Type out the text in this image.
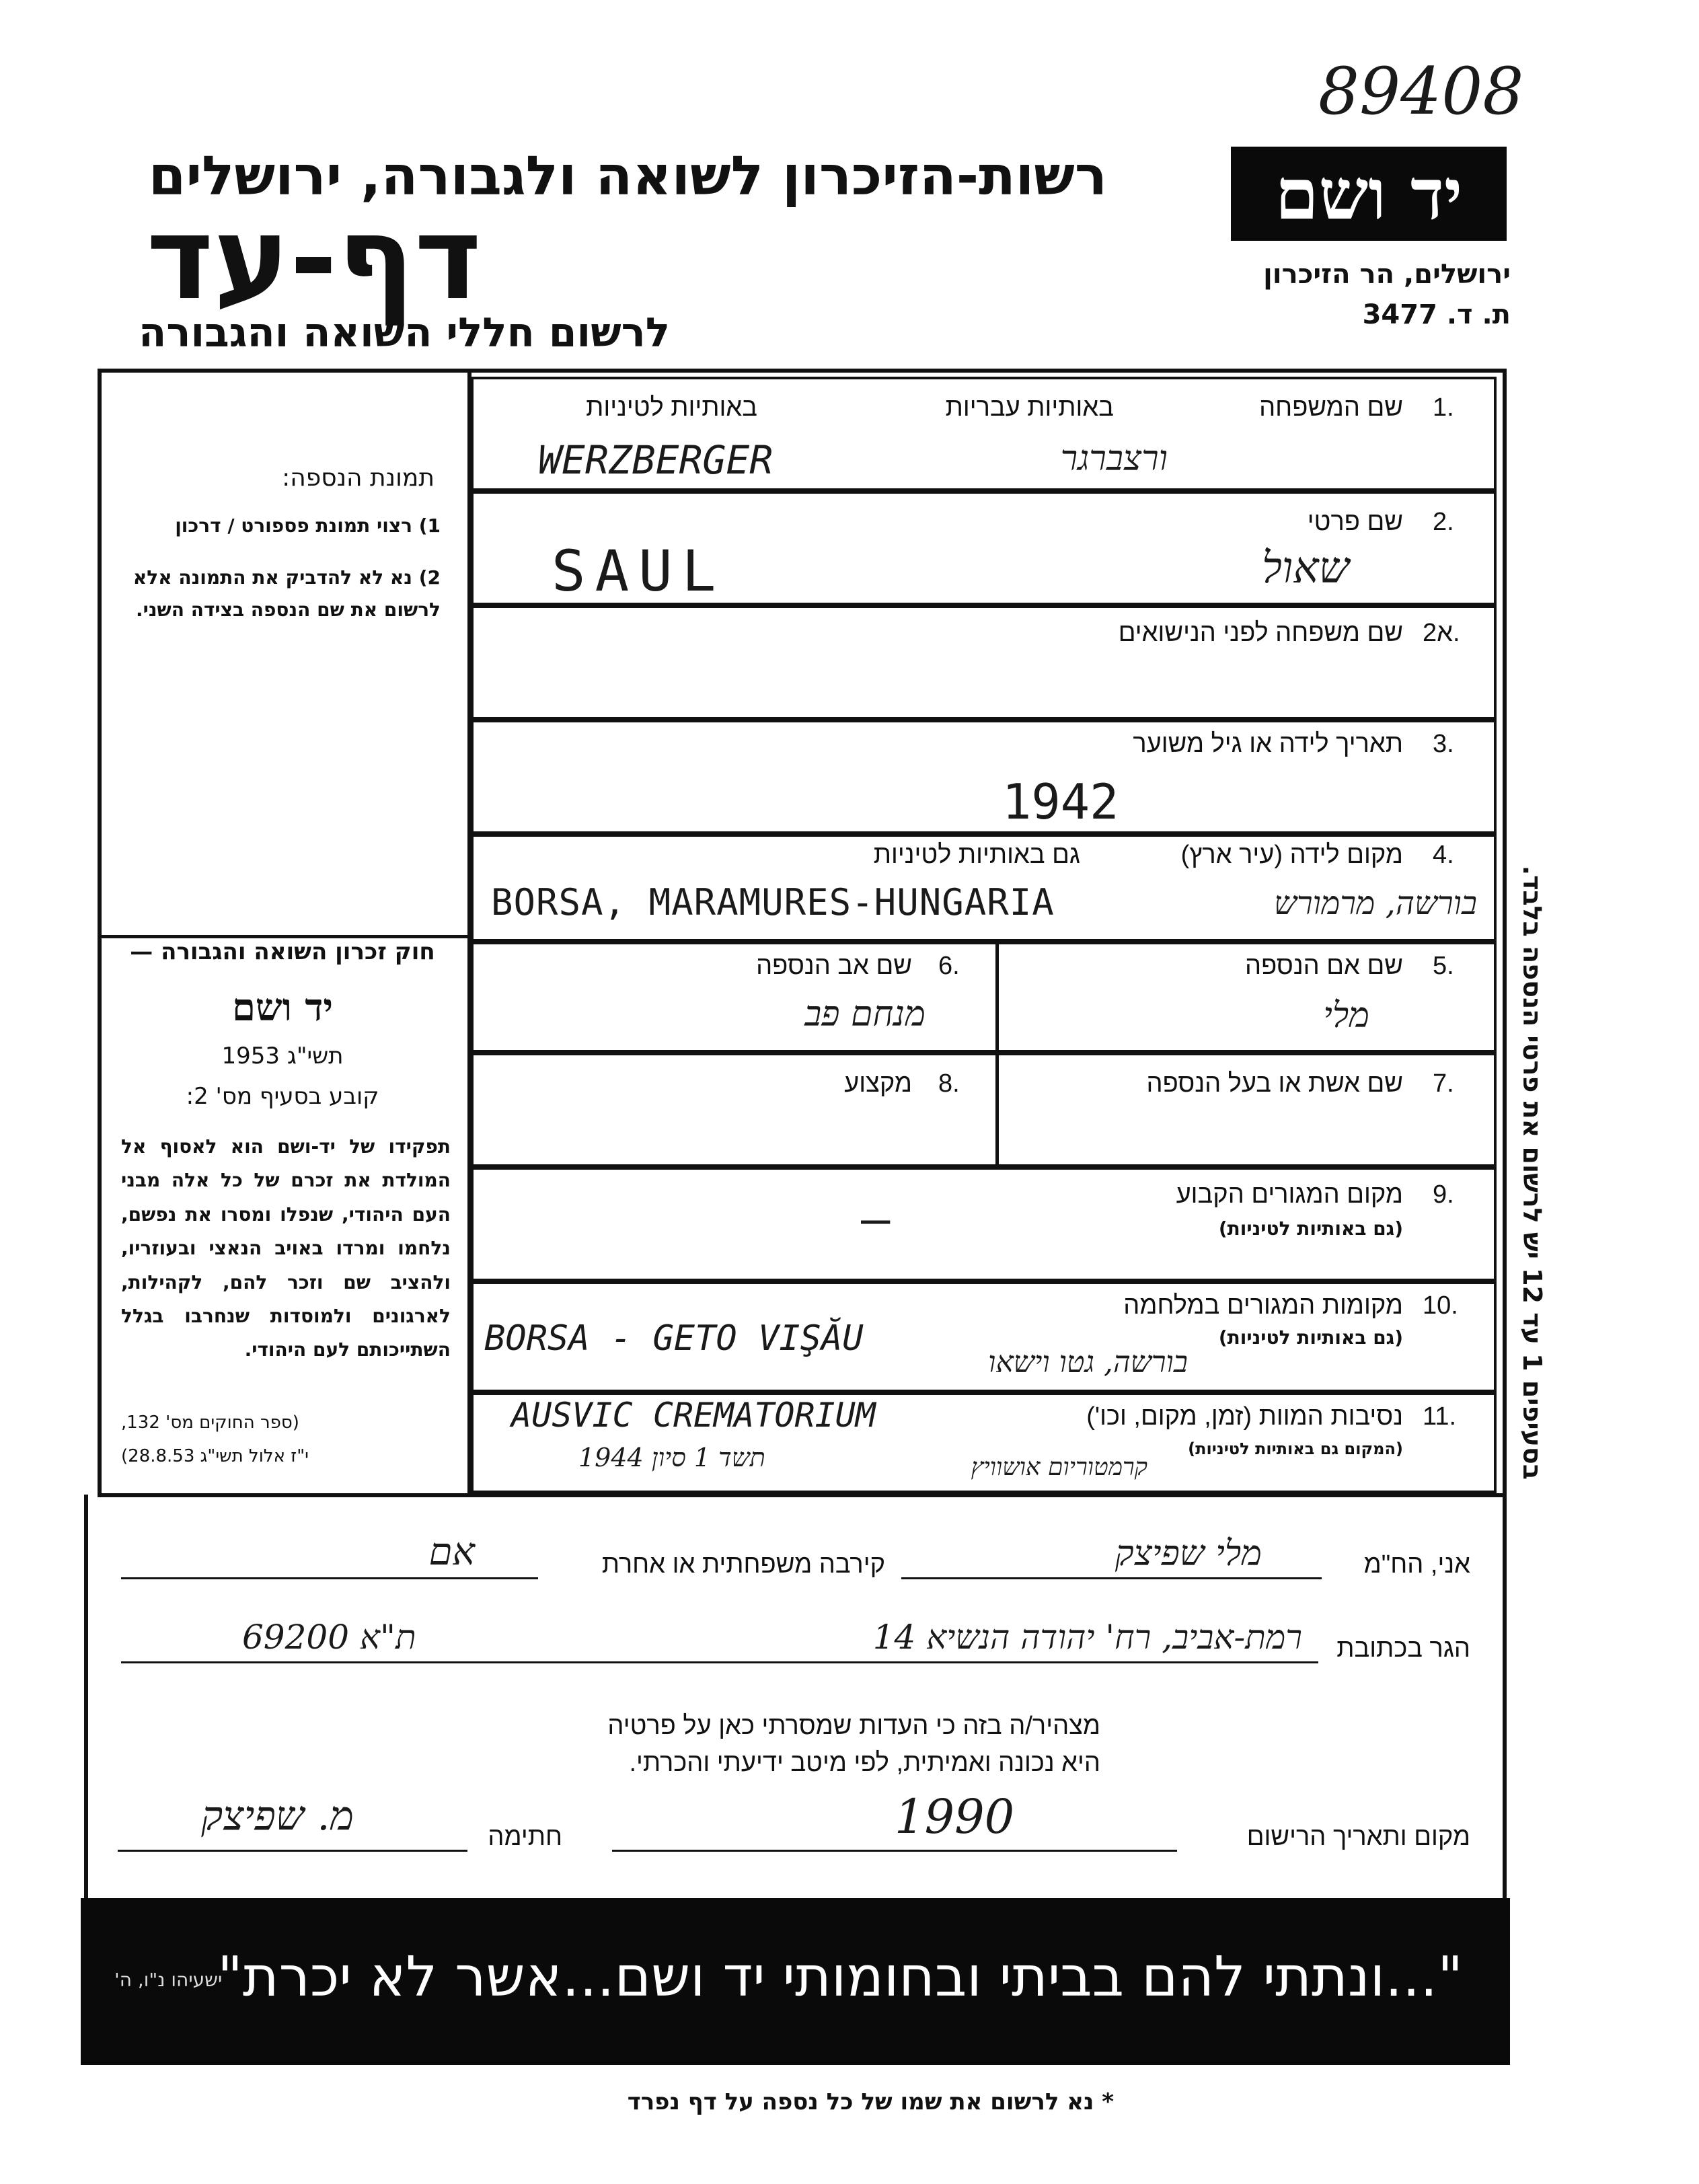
89408
רשות-הזיכרון לשואה ולגבורה, ירושלים
דף-עד
לרשום חללי השואה והגבורה
יד ושם
ירושלים, הר הזיכרון
ת. ד. 3477
תמונת הנספה:
1) רצוי תמונת פספורט / דרכון
2) נא לא להדביק את התמונה אלא לרשום את שם הנספה בצידה השני.
חוק זכרון השואה והגבורה —
יד ושם
תשי"ג 1953
קובע בסעיף מס' 2:
תפקידו של יד-ושם הוא לאסוף אל המולדת את זכרם של כל אלה מבני העם היהודי, שנפלו ומסרו את נפשם, נלחמו ומרדו באויב הנאצי ובעוזריו, ולהציב שם וזכר להם, לקהילות, לארגונים ולמוסדות שנחרבו בגלל השתייכותם לעם היהודי.
(ספר החוקים מס' 132,
י"ז אלול תשי"ג 28.8.53)
בסעיפים 1 עד 12 יש לרשום את פרטי הנספה בלבד.
1.
שם המשפחה
באותיות עבריות
באותיות לטיניות
WERZBERGER	ורצברגר
2.
שם פרטי
SAUL	שאול
2א.
שם משפחה לפני הנישואים
3.
תאריך לידה או גיל משוער
1942
4.
מקום לידה (עיר ארץ)
גם באותיות לטיניות
BORSA, MARAMURES-HUNGARIA	בורשה, מרמורש
5.
שם אם הנספה
מלי
6.
שם אב הנספה
מנחם פב
7.
שם אשת או בעל הנספה
8.
מקצוע
9.
מקום המגורים הקבוע
(גם באותיות לטיניות)
—
10.
מקומות המגורים במלחמה
(גם באותיות לטיניות)
BORSA - GETO VIŞĂU
בורשה, גטו וישאו
11.
נסיבות המוות (זמן, מקום, וכו')
(המקום גם באותיות לטיניות)
AUSVIC CREMATORIUM
1944 תשד 1 סיון	קרמטוריום אושוויץ
אני, הח"מ
מלי שפיצק
קירבה משפחתית או אחרת
אם
הגר בכתובת
רמת-אביב, רח' יהודה הנשיא 14
69200 ת"א
מצהיר/ה בזה כי העדות שמסרתי כאן על פרטיה
היא נכונה ואמיתית, לפי מיטב ידיעתי והכרתי.
מקום ותאריך הרישום
1990
חתימה
מ. שפיצק
"...ונתתי להם בביתי ובחומותי יד ושם...אשר לא יכרת"
ישעיהו נ"ו, ה'
* נא לרשום את שמו של כל נספה על דף נפרד
